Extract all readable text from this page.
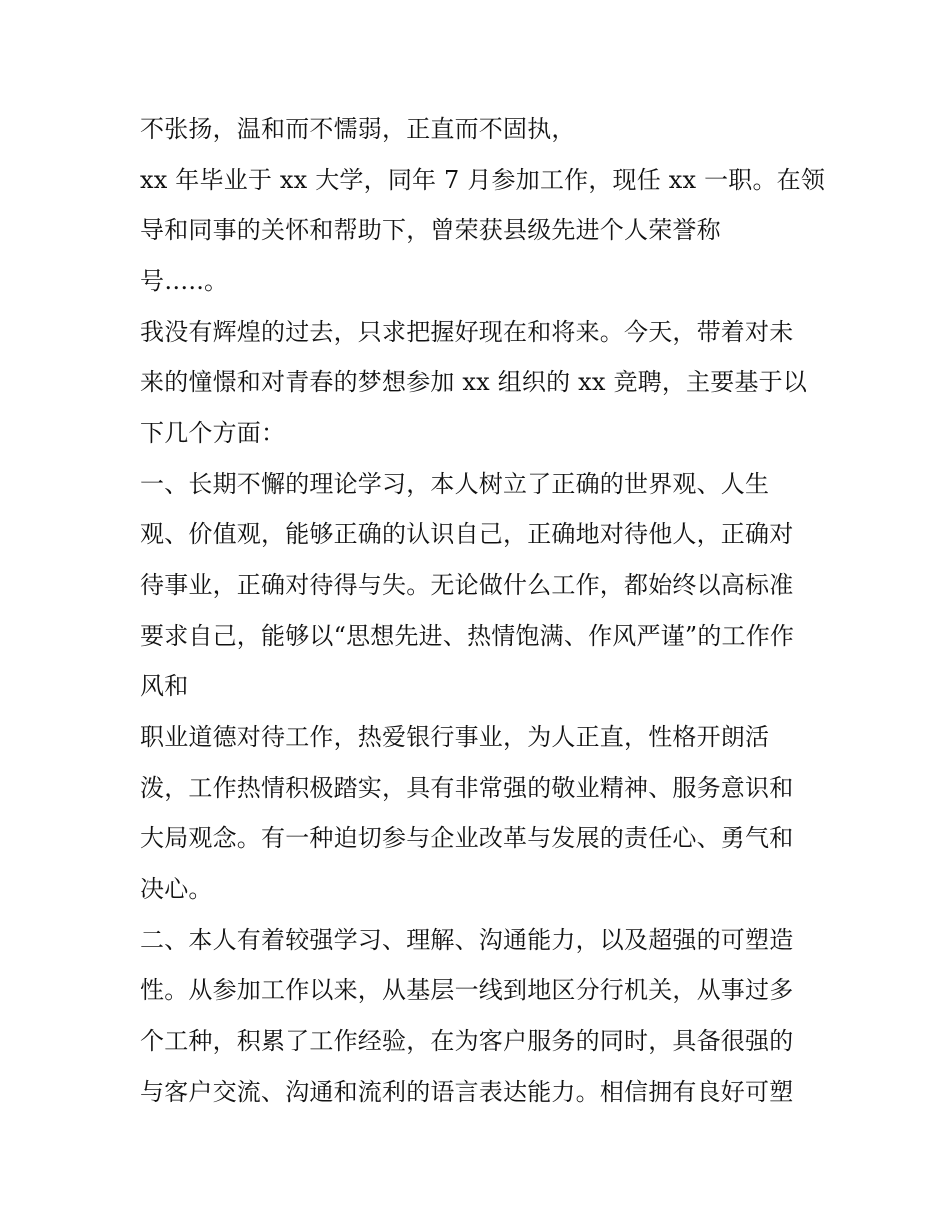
不张扬，温和而不懦弱，正直而不固执，
xx 年毕业于 xx 大学，同年 7 月参加工作，现任 xx 一职。在领
导和同事的关怀和帮助下，曾荣获县级先进个人荣誉称
号…..。
我没有辉煌的过去，只求把握好现在和将来。今天，带着对未
来的憧憬和对青春的梦想参加 xx 组织的 xx 竞聘，主要基于以
下几个方面：
一、长期不懈的理论学习，本人树立了正确的世界观、人生
观、价值观，能够正确的认识自己，正确地对待他人，正确对
待事业，正确对待得与失。无论做什么工作，都始终以高标准
要求自己，能够以“思想先进、热情饱满、作风严谨”的工作作
风和
职业道德对待工作，热爱银行事业，为人正直，性格开朗活
泼，工作热情积极踏实，具有非常强的敬业精神、服务意识和
大局观念。有一种迫切参与企业改革与发展的责任心、勇气和
决心。
二、本人有着较强学习、理解、沟通能力，以及超强的可塑造
性。从参加工作以来，从基层一线到地区分行机关，从事过多
个工种，积累了工作经验，在为客户服务的同时，具备很强的
与客户交流、沟通和流利的语言表达能力。相信拥有良好可塑
